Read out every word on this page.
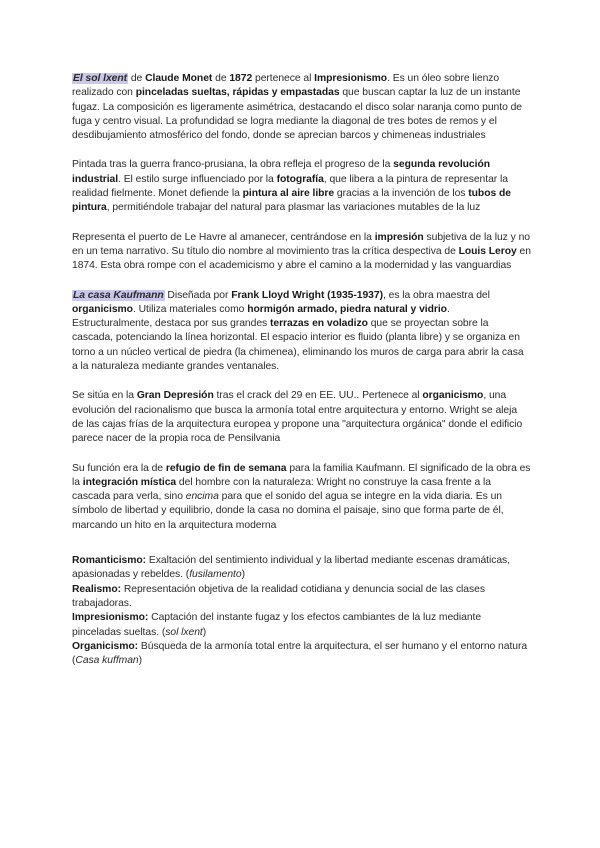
El sol lxent de Claude Monet de 1872 pertenece al Impresionismo. Es un óleo sobre lienzo realizado con pinceladas sueltas, rápidas y empastadas que buscan captar la luz de un instante fugaz. La composición es ligeramente asimétrica, destacando el disco solar naranja como punto de fuga y centro visual. La profundidad se logra mediante la diagonal de tres botes de remos y el desdibujamiento atmosférico del fondo, donde se aprecian barcos y chimeneas industriales

Pintada tras la guerra franco-prusiana, la obra refleja el progreso de la segunda revolución industrial. El estilo surge influenciado por la fotografía, que libera a la pintura de representar la realidad fielmente. Monet defiende la pintura al aire libre gracias a la invención de los tubos de pintura, permitiéndole trabajar del natural para plasmar las variaciones mutables de la luz

Representa el puerto de Le Havre al amanecer, centrándose en la impresión subjetiva de la luz y no en un tema narrativo. Su título dio nombre al movimiento tras la crítica despectiva de Louis Leroy en 1874. Esta obra rompe con el academicismo y abre el camino a la modernidad y las vanguardias

La casa Kaufmann Diseñada por Frank Lloyd Wright (1935-1937), es la obra maestra del organicismo. Utiliza materiales como hormigón armado, piedra natural y vidrio. Estructuralmente, destaca por sus grandes terrazas en voladizo que se proyectan sobre la cascada, potenciando la línea horizontal. El espacio interior es fluido (planta libre) y se organiza en torno a un núcleo vertical de piedra (la chimenea), eliminando los muros de carga para abrir la casa a la naturaleza mediante grandes ventanales.

Se sitúa en la Gran Depresión tras el crack del 29 en EE. UU.. Pertenece al organicismo, una evolución del racionalismo que busca la armonía total entre arquitectura y entorno. Wright se aleja de las cajas frías de la arquitectura europea y propone una "arquitectura orgánica" donde el edificio parece nacer de la propia roca de Pensilvania

Su función era la de refugio de fin de semana para la familia Kaufmann. El significado de la obra es la integración mística del hombre con la naturaleza: Wright no construye la casa frente a la cascada para verla, sino encima para que el sonido del agua se integre en la vida diaria. Es un símbolo de libertad y equilibrio, donde la casa no domina el paisaje, sino que forma parte de él, marcando un hito en la arquitectura moderna

Romanticismo: Exaltación del sentimiento individual y la libertad mediante escenas dramáticas, apasionadas y rebeldes. (fusilamento)
Realismo: Representación objetiva de la realidad cotidiana y denuncia social de las clases trabajadoras.
Impresionismo: Captación del instante fugaz y los efectos cambiantes de la luz mediante pinceladas sueltas. (sol lxent)
Organicismo: Búsqueda de la armonía total entre la arquitectura, el ser humano y el entorno natura (Casa kuffman)
